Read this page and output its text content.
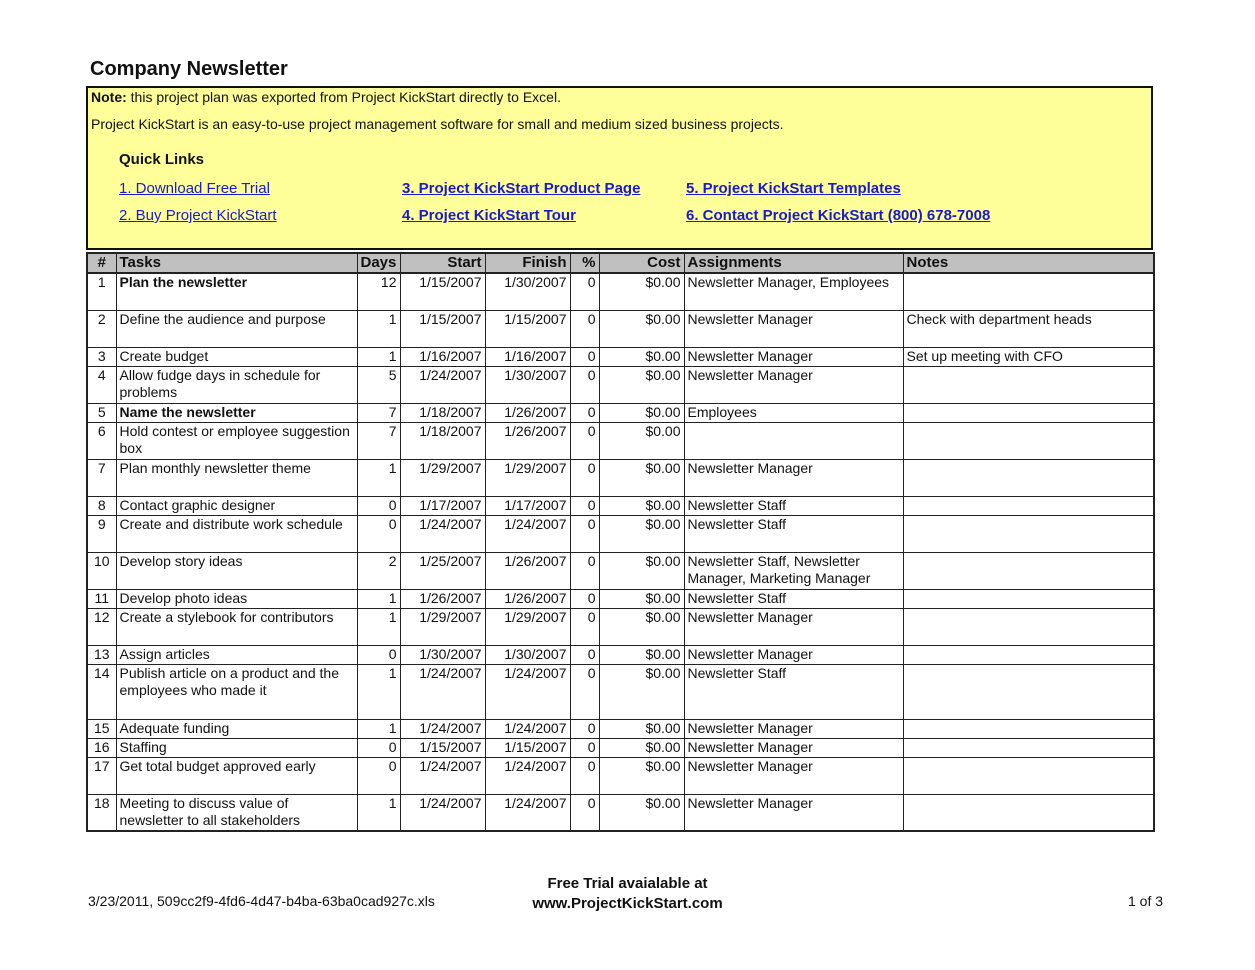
Company Newsletter
Note: this project plan was exported from Project KickStart directly to Excel.
Project KickStart is an easy-to-use project management software for small and medium sized business projects.
Quick Links
1. Download Free Trial
2. Buy Project KickStart
3. Project KickStart Product Page
4. Project KickStart Tour
5. Project KickStart Templates
6. Contact Project KickStart (800) 678-7008
#	Tasks	Days	Start	Finish	%	Cost	Assignments	Notes
1	Plan the newsletter	12	1/15/2007	1/30/2007	0	$0.00	Newsletter Manager, Employees	
2	Define the audience and purpose	1	1/15/2007	1/15/2007	0	$0.00	Newsletter Manager	Check with department heads
3	Create budget	1	1/16/2007	1/16/2007	0	$0.00	Newsletter Manager	Set up meeting with CFO
4	Allow fudge days in schedule for problems	5	1/24/2007	1/30/2007	0	$0.00	Newsletter Manager	
5	Name the newsletter	7	1/18/2007	1/26/2007	0	$0.00	Employees	
6	Hold contest or employee suggestion box	7	1/18/2007	1/26/2007	0	$0.00		
7	Plan monthly newsletter theme	1	1/29/2007	1/29/2007	0	$0.00	Newsletter Manager	
8	Contact graphic designer	0	1/17/2007	1/17/2007	0	$0.00	Newsletter Staff	
9	Create and distribute work schedule	0	1/24/2007	1/24/2007	0	$0.00	Newsletter Staff	
10	Develop story ideas	2	1/25/2007	1/26/2007	0	$0.00	Newsletter Staff, Newsletter Manager, Marketing Manager	
11	Develop photo ideas	1	1/26/2007	1/26/2007	0	$0.00	Newsletter Staff	
12	Create a stylebook for contributors	1	1/29/2007	1/29/2007	0	$0.00	Newsletter Manager	
13	Assign articles	0	1/30/2007	1/30/2007	0	$0.00	Newsletter Manager	
14	Publish article on a product and the employees who made it	1	1/24/2007	1/24/2007	0	$0.00	Newsletter Staff	
15	Adequate funding	1	1/24/2007	1/24/2007	0	$0.00	Newsletter Manager	
16	Staffing	0	1/15/2007	1/15/2007	0	$0.00	Newsletter Manager	
17	Get total budget approved early	0	1/24/2007	1/24/2007	0	$0.00	Newsletter Manager	
18	Meeting to discuss value of newsletter to all stakeholders	1	1/24/2007	1/24/2007	0	$0.00	Newsletter Manager	
3/23/2011, 509cc2f9-4fd6-4d47-b4ba-63ba0cad927c.xls
Free Trial avaialable at
www.ProjectKickStart.com	1 of 3
